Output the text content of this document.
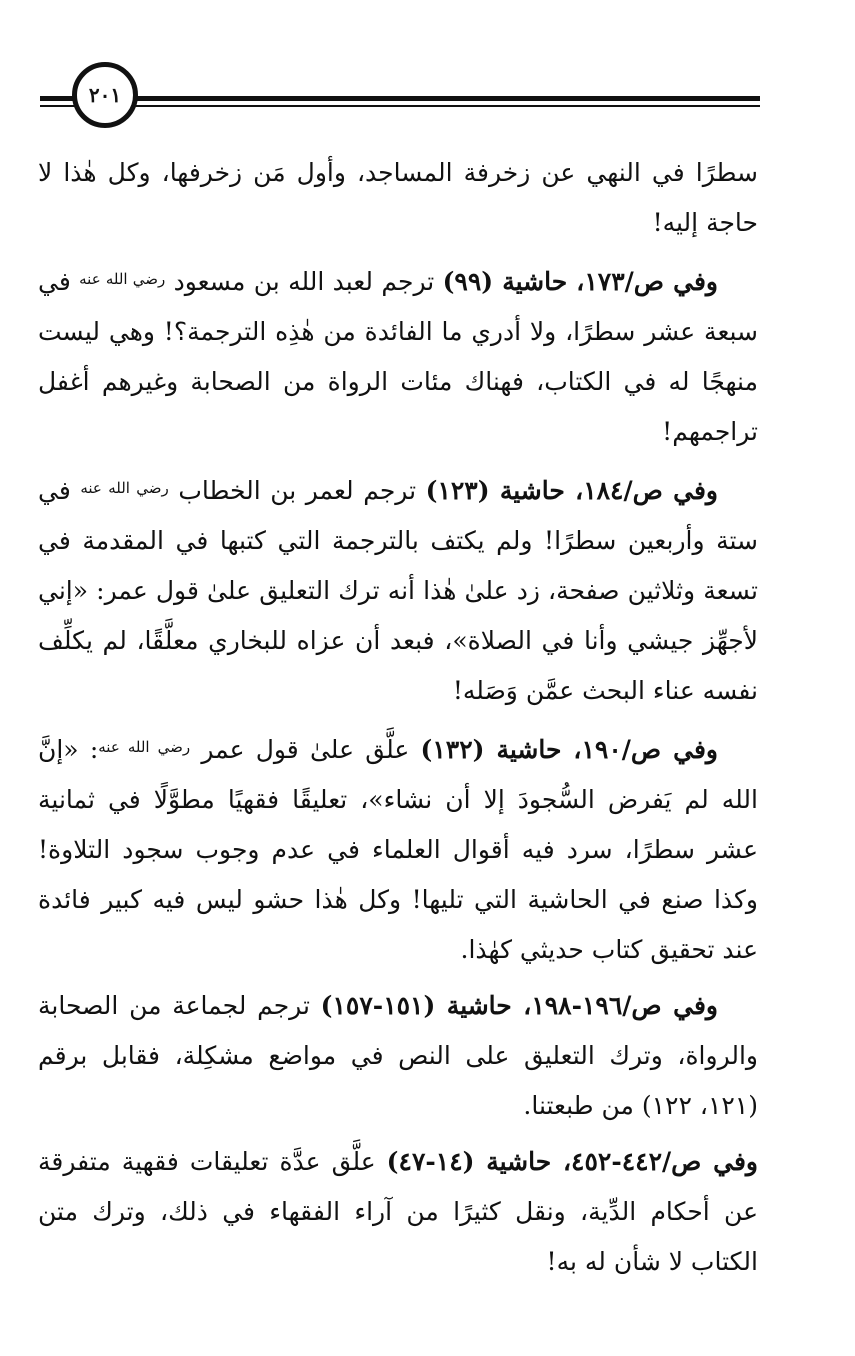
٢٠١

سطرًا في النهي عن زخرفة المساجد، وأول مَن زخرفها، وكل هٰذا لا حاجة إليه!

وفي ص/١٧٣، حاشية (٩٩) ترجم لعبد الله بن مسعود $^{رضي الله عنه}$ في سبعة عشر سطرًا، ولا أدري ما الفائدة من هٰذِه الترجمة؟! وهي ليست منهجًا له في الكتاب، فهناك مئات الرواة من الصحابة وغيرهم أغفل تراجمهم!

وفي ص/١٨٤، حاشية (١٢٣) ترجم لعمر بن الخطاب $^{رضي الله عنه}$ في ستة وأربعين سطرًا! ولم يكتف بالترجمة التي كتبها في المقدمة في تسعة وثلاثين صفحة، زد علىٰ هٰذا أنه ترك التعليق علىٰ قول عمر: «إني لأجهِّز جيشي وأنا في الصلاة»، فبعد أن عزاه للبخاري معلَّقًا، لم يكلِّف نفسه عناء البحث عمَّن وَصَله!

وفي ص/١٩٠، حاشية (١٣٢) علَّق علىٰ قول عمر $^{رضي الله عنه}$: «إنَّ الله لم يَفرض السُّجودَ إلا أن نشاء»، تعليقًا فقهيًا مطوَّلًا في ثمانية عشر سطرًا، سرد فيه أقوال العلماء في عدم وجوب سجود التلاوة! وكذا صنع في الحاشية التي تليها! وكل هٰذا حشو ليس فيه كبير فائدة عند تحقيق كتاب حديثي كهٰذا.

وفي ص/١٩٦-١٩٨، حاشية (١٥١-١٥٧) ترجم لجماعة من الصحابة والرواة، وترك التعليق على النص في مواضع مشكِلة، فقابل برقم (١٢١، ١٢٢) من طبعتنا.

وفي ص/٤٤٢-٤٥٢، حاشية (١٤-٤٧) علَّق عدَّة تعليقات فقهية متفرقة عن أحكام الدِّية، ونقل كثيرًا من آراء الفقهاء في ذلك، وترك متن الكتاب لا شأن له به!
